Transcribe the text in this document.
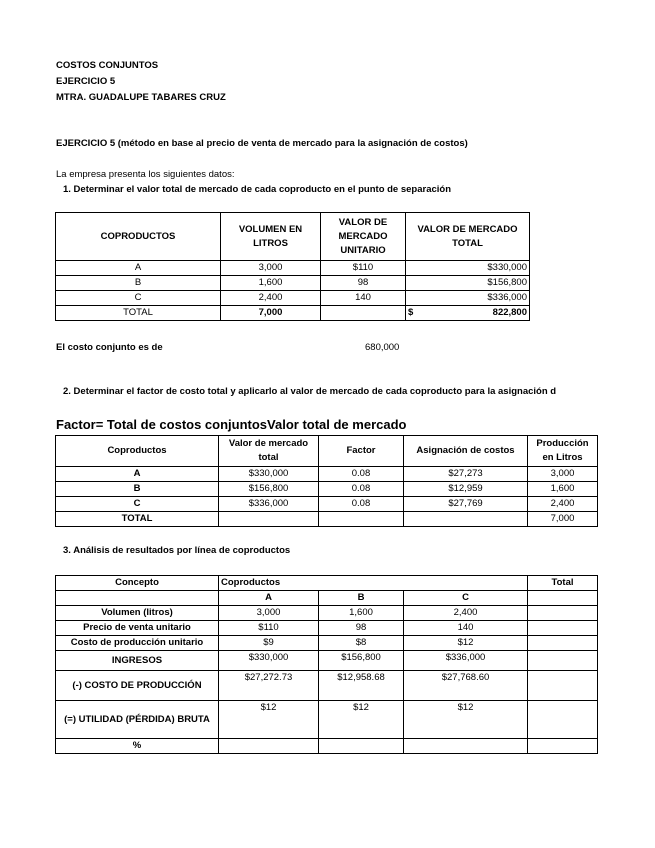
COSTOS CONJUNTOS
EJERCICIO 5
MTRA. GUADALUPE TABARES CRUZ
EJERCICIO 5 (método en base al precio de venta de mercado para la asignación de costos)
La empresa presenta los siguientes datos:
1. Determinar el valor total de mercado de cada coproducto en el punto de separación
COPRODUCTOS	VOLUMEN EN LITROS	VALOR DE MERCADO UNITARIO	VALOR DE MERCADO TOTAL
A	3,000	$110	$330,000
B	1,600	98	$156,800
C	2,400	140	$336,000
TOTAL	7,000		$ 822,800
El costo conjunto es de	680,000
2. Determinar el factor de costo total y aplicarlo al valor de mercado de cada coproducto para la asignación d
Factor= Total de costos conjuntosValor total de mercado
Coproductos	Valor de mercado total	Factor	Asignación de costos	Producción en Litros
A	$330,000	0.08	$27,273	3,000
B	$156,800	0.08	$12,959	1,600
C	$336,000	0.08	$27,769	2,400
TOTAL				7,000
3. Análisis de resultados por línea de coproductos
Concepto	Coproductos			Total
	A	B	C	
Volumen (litros)	3,000	1,600	2,400	
Precio de venta unitario	$110	98	140	
Costo de producción unitario	$9	$8	$12	
INGRESOS	$330,000	$156,800	$336,000	
(-) COSTO DE PRODUCCIÓN	$27,272.73	$12,958.68	$27,768.60	
(=) UTILIDAD (PÉRDIDA) BRUTA	$12	$12	$12	
%				
